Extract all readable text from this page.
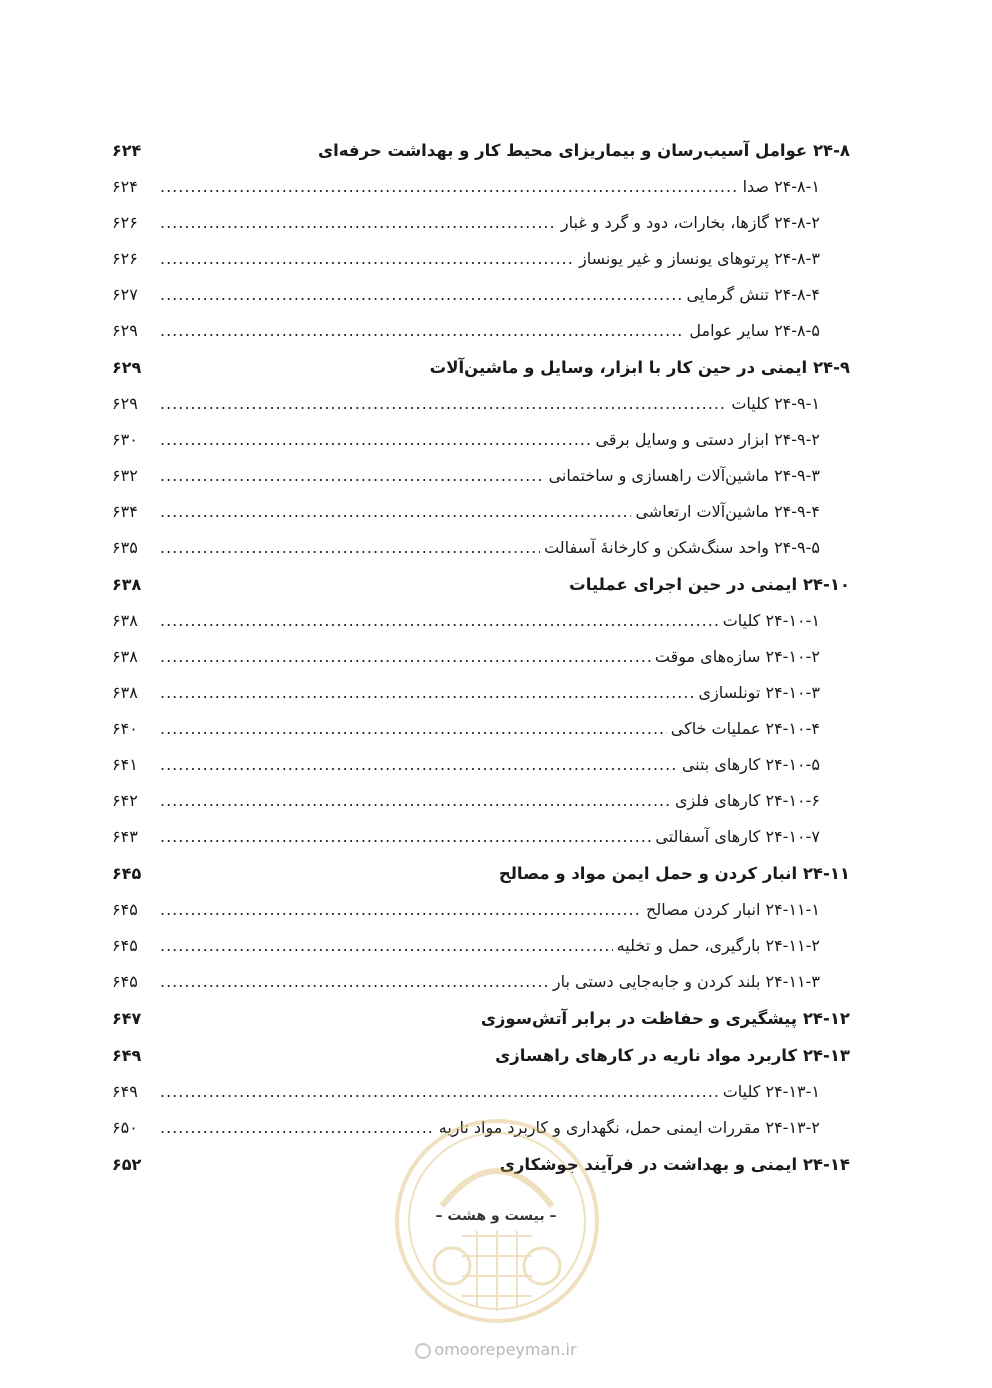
۲۴-۸ عوامل آسیب‌رسان و بیماریزای محیط کار و بهداشت حرفه‌ای
۶۲۴
۲۴-۸-۱ صدا
.....
۶۲۴
۲۴-۸-۲ گازها، بخارات، دود و گرد و غبار
.....
۶۲۶
۲۴-۸-۳ پرتوهای یونساز و غیر یونساز
.....
۶۲۶
۲۴-۸-۴ تنش گرمایی
.....
۶۲۷
۲۴-۸-۵ سایر عوامل
.....
۶۲۹
۲۴-۹ ایمنی در حین کار با ابزار، وسایل و ماشین‌آلات
۶۲۹
۲۴-۹-۱ کلیات
.....
۶۲۹
۲۴-۹-۲ ابزار دستی و وسایل برقی
.....
۶۳۰
۲۴-۹-۳ ماشین‌آلات راهسازی و ساختمانی
.....
۶۳۲
۲۴-۹-۴ ماشین‌آلات ارتعاشی
.....
۶۳۴
۲۴-۹-۵ واحد سنگ‌شکن و کارخانهٔ آسفالت
.....
۶۳۵
۲۴-۱۰ ایمنی در حین اجرای عملیات
۶۳۸
۲۴-۱۰-۱ کلیات
.....
۶۳۸
۲۴-۱۰-۲ سازه‌های موقت
.....
۶۳۸
۲۴-۱۰-۳ تونلسازی
.....
۶۳۸
۲۴-۱۰-۴ عملیات خاکی
.....
۶۴۰
۲۴-۱۰-۵ کارهای بتنی
.....
۶۴۱
۲۴-۱۰-۶ کارهای فلزی
.....
۶۴۲
۲۴-۱۰-۷ کارهای آسفالتی
.....
۶۴۳
۲۴-۱۱ انبار کردن و حمل ایمن مواد و مصالح
۶۴۵
۲۴-۱۱-۱ انبار کردن مصالح
.....
۶۴۵
۲۴-۱۱-۲ بارگیری، حمل و تخلیه
.....
۶۴۵
۲۴-۱۱-۳ بلند کردن و جابه‌جایی دستی بار
.....
۶۴۵
۲۴-۱۲ پیشگیری و حفاظت در برابر آتش‌سوزی
۶۴۷
۲۴-۱۳ کاربرد مواد ناریه در کارهای راهسازی
۶۴۹
۲۴-۱۳-۱ کلیات
.....
۶۴۹
۲۴-۱۳-۲ مقررات ایمنی حمل، نگهداری و کاربرد مواد ناریه
.....
۶۵۰
۲۴-۱۴ ایمنی و بهداشت در فرآیند جوشکاری
۶۵۲
– بیست و هشت –
omoorepeyman.ir
